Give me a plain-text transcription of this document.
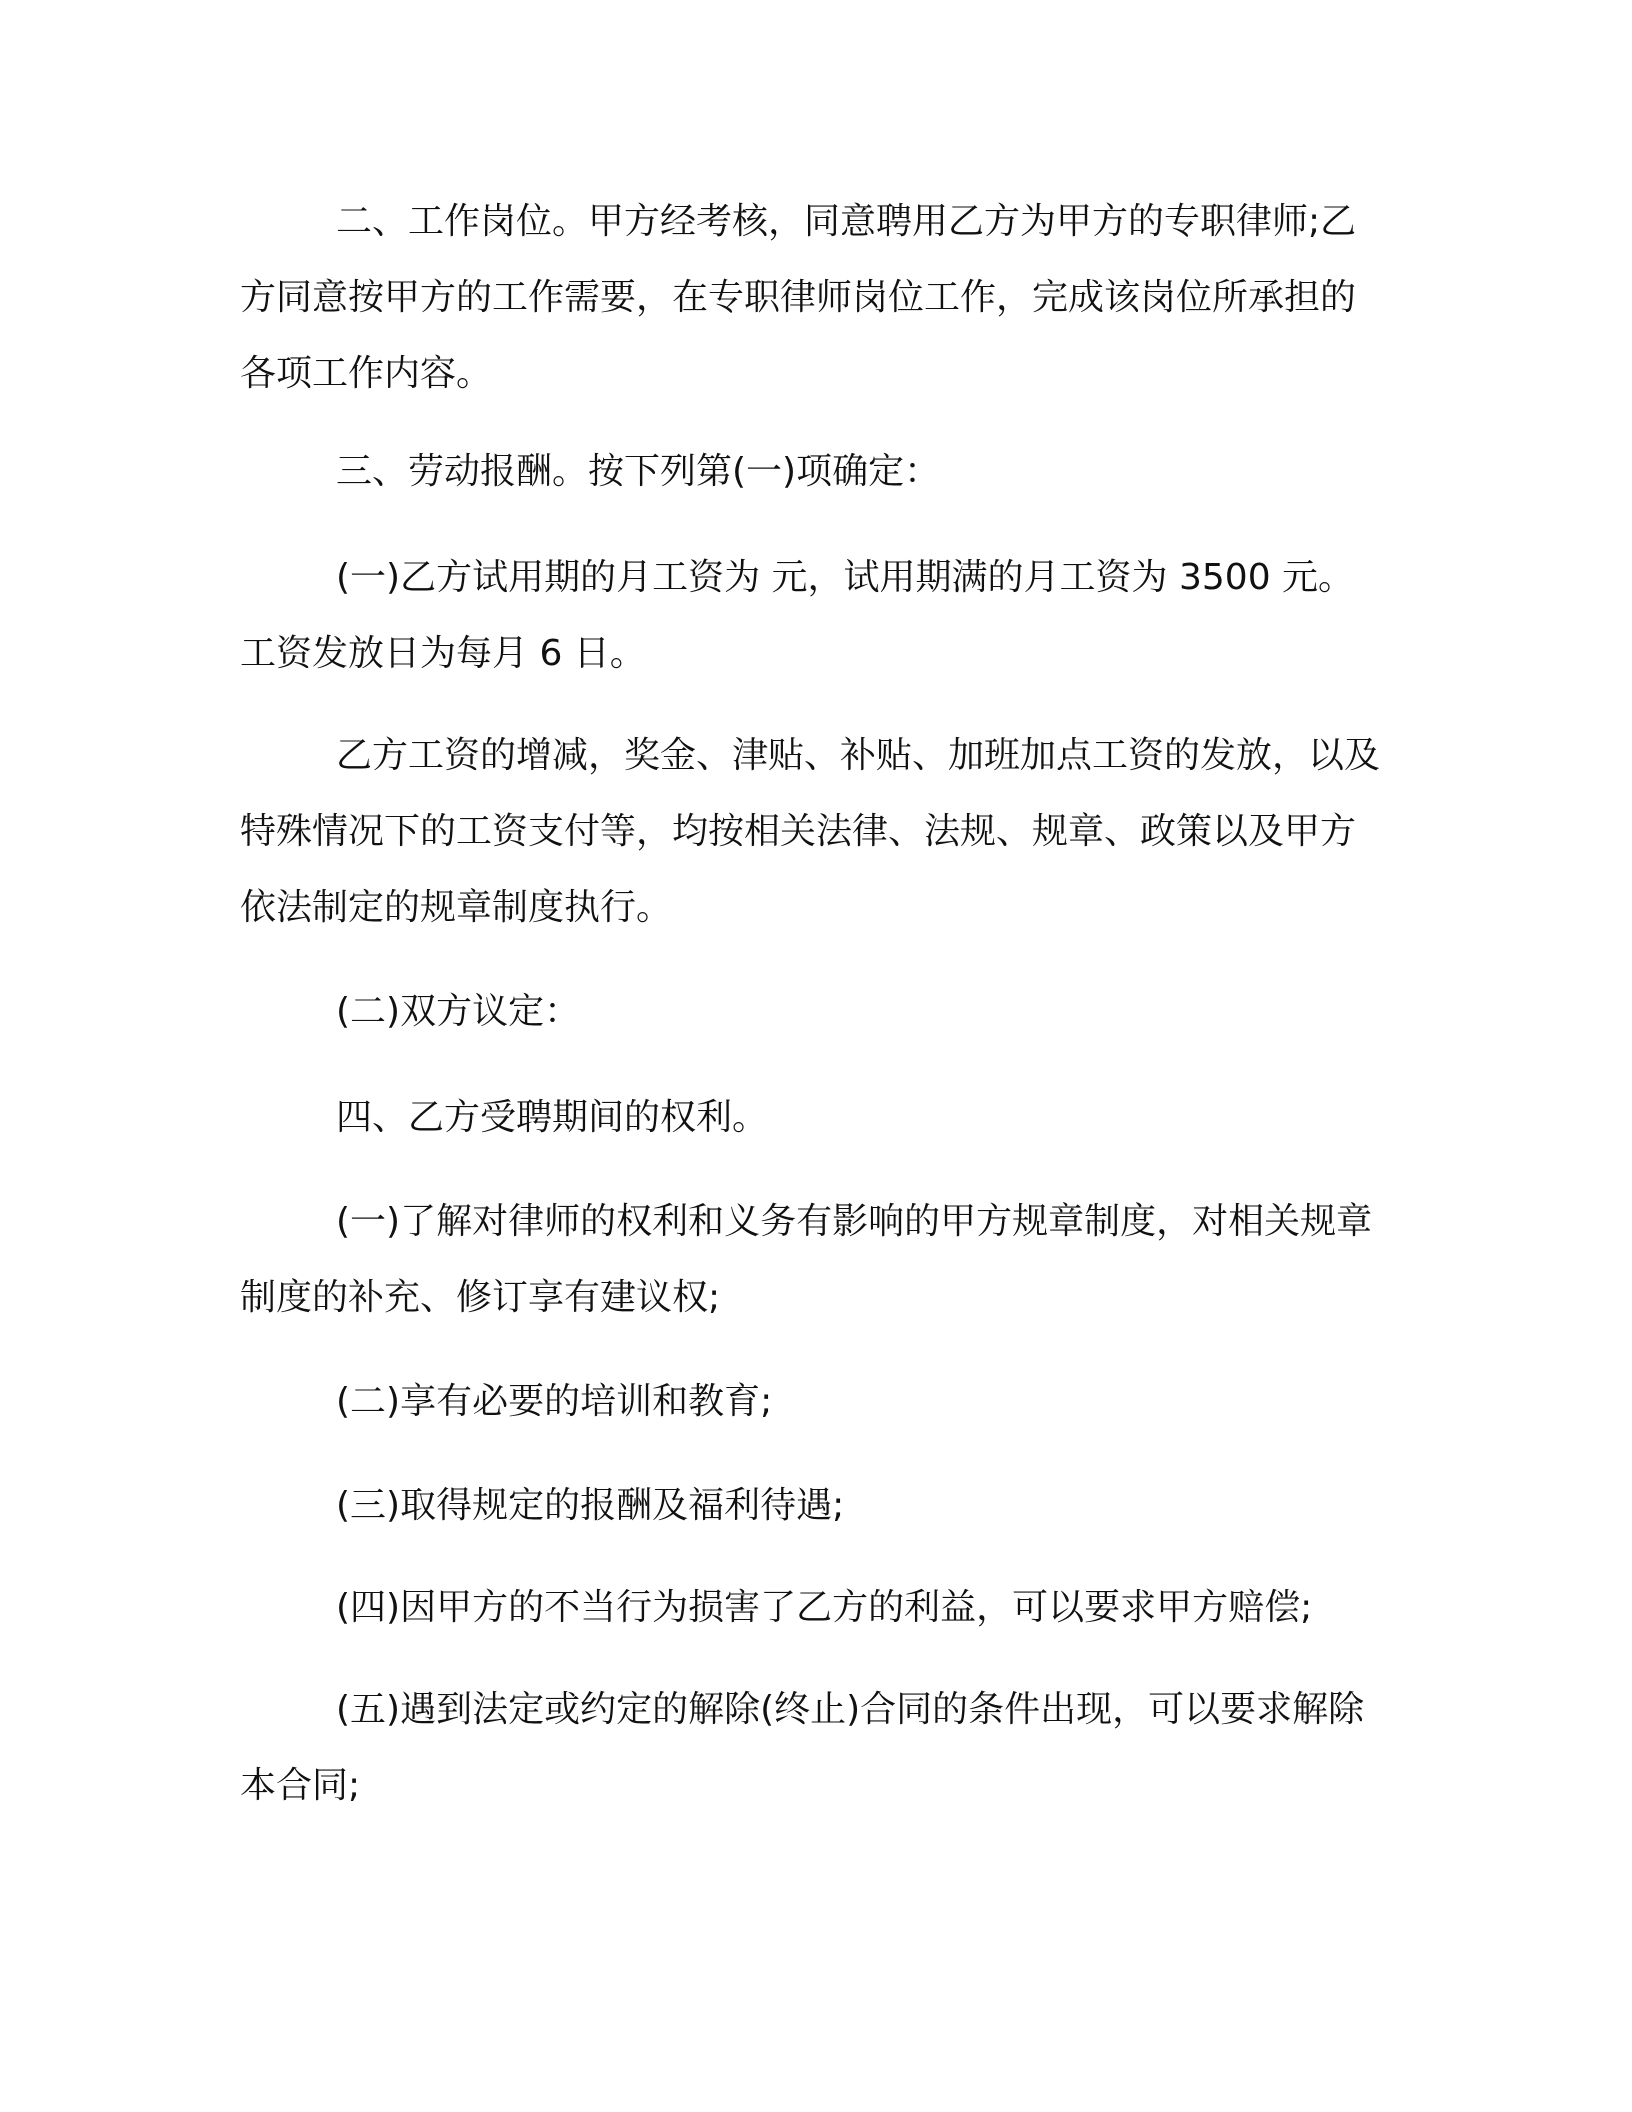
二、工作岗位。甲方经考核，同意聘用乙方为甲方的专职律师;乙方同意按甲方的工作需要，在专职律师岗位工作，完成该岗位所承担的各项工作内容。

三、劳动报酬。按下列第(一)项确定：

(一)乙方试用期的月工资为 元，试用期满的月工资为 3500 元。工资发放日为每月 6 日。

乙方工资的增减，奖金、津贴、补贴、加班加点工资的发放，以及特殊情况下的工资支付等，均按相关法律、法规、规章、政策以及甲方依法制定的规章制度执行。

(二)双方议定：

四、乙方受聘期间的权利。

(一)了解对律师的权利和义务有影响的甲方规章制度，对相关规章制度的补充、修订享有建议权;

(二)享有必要的培训和教育;

(三)取得规定的报酬及福利待遇;

(四)因甲方的不当行为损害了乙方的利益，可以要求甲方赔偿;

(五)遇到法定或约定的解除(终止)合同的条件出现，可以要求解除本合同;
